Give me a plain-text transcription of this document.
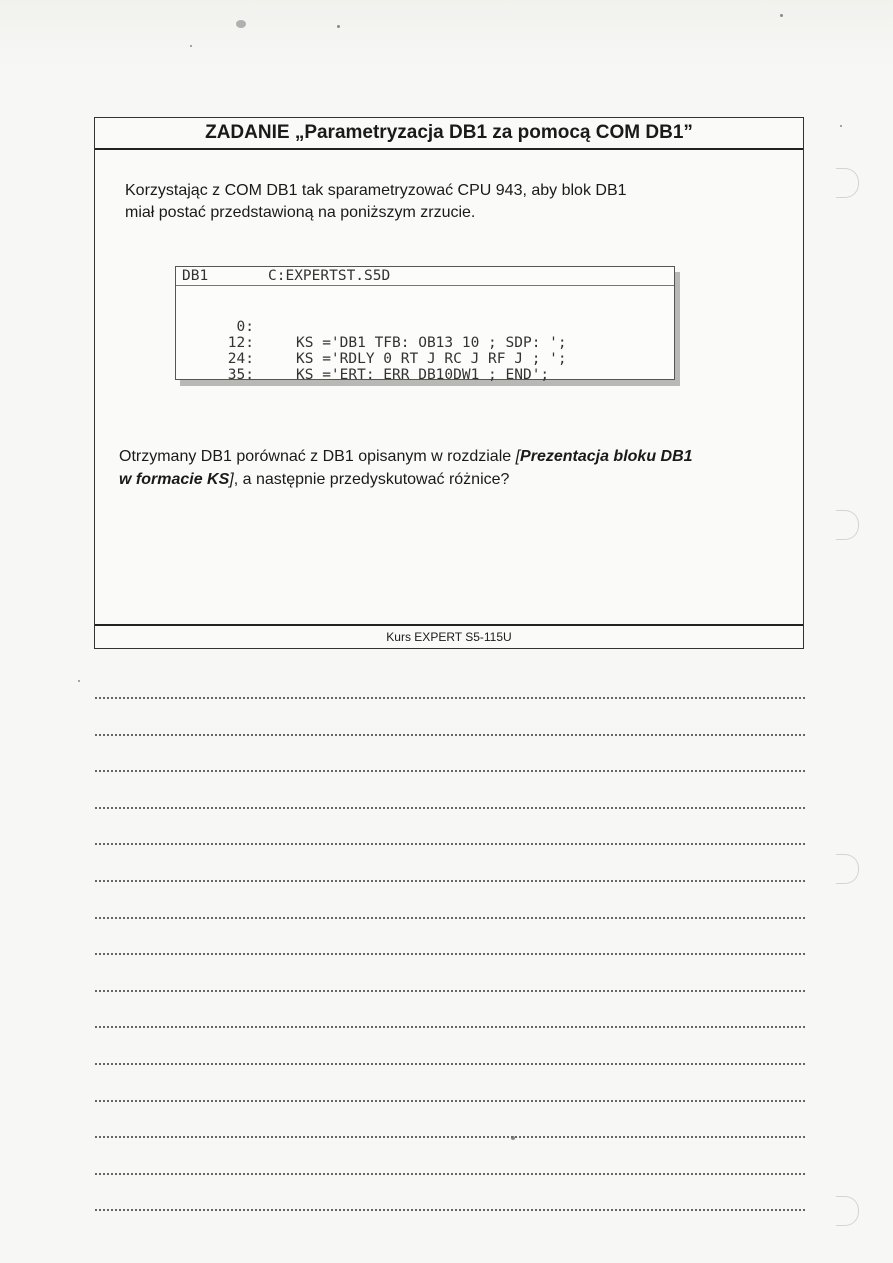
ZADANIE „Parametryzacja DB1 za pomocą COM DB1”
Korzystając z COM DB1 tak sparametryzować CPU 943, aby blok DB1
miał postać przedstawioną na poniższym zrzucie.
DB1	C:EXPERTST.S5D

0:

KS ='DB1 TFB: OB13 10 ; SDP: ';

12:

KS ='RDLY 0 RT J RC J RF J ; ';

24:

KS ='ERT: ERR DB10DW1 ; END';

35:

Otrzymany DB1 porównać z DB1 opisanym w rozdziale [Prezentacja bloku DB1
w formacie KS], a następnie przedyskutować różnice?
Kurs EXPERT S5-115U
